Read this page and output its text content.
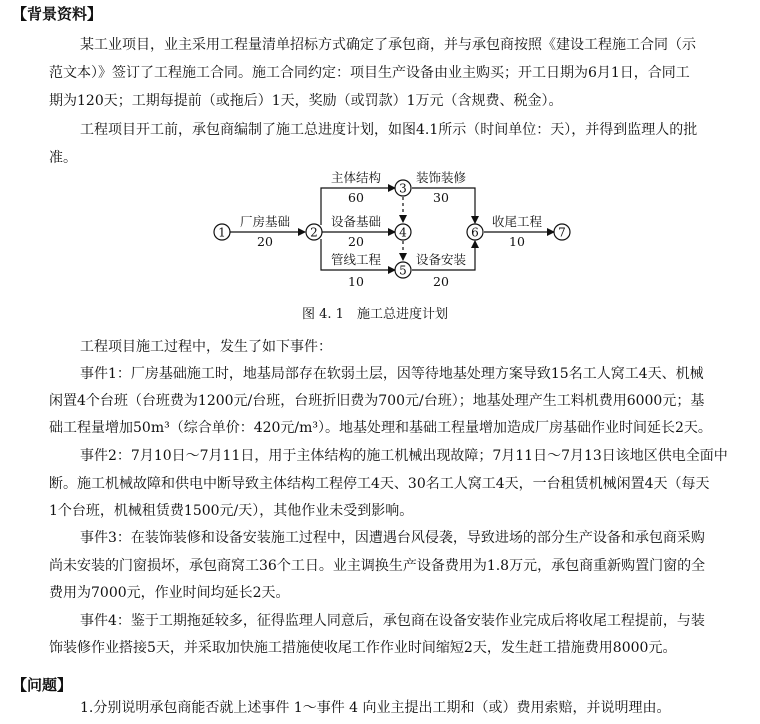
【背景资料】
某工业项目，业主采用工程量清单招标方式确定了承包商，并与承包商按照《建设工程施工合同（示
范文本）》签订了工程施工合同。施工合同约定：项目生产设备由业主购买；开工日期为6月1日，合同工
期为120天；工期每提前（或拖后）1天，奖励（或罚款）1万元（含规费、税金）。
工程项目开工前，承包商编制了施工总进度计划，如图4.1所示（时间单位：天），并得到监理人的批
准。
1	2
3
4
5
6	7
厂房基础
20
主体结构
60
设备基础
20
管线工程
10
装饰装修
30
设备安装
20
收尾工程
10
图 4. 1　施工总进度计划
工程项目施工过程中，发生了如下事件：
事件1：厂房基础施工时，地基局部存在软弱土层，因等待地基处理方案导致15名工人窝工4天、机械
闲置4个台班（台班费为1200元/台班，台班折旧费为700元/台班）；地基处理产生工料机费用6000元；基
础工程量增加50m³（综合单价：420元/m³）。地基处理和基础工程量增加造成厂房基础作业时间延长2天。
事件2：7月10日～7月11日，用于主体结构的施工机械出现故障；7月11日～7月13日该地区供电全面中
断。施工机械故障和供电中断导致主体结构工程停工4天、30名工人窝工4天，一台租赁机械闲置4天（每天
1个台班，机械租赁费1500元/天），其他作业未受到影响。
事件3：在装饰装修和设备安装施工过程中，因遭遇台风侵袭，导致进场的部分生产设备和承包商采购
尚未安装的门窗损坏，承包商窝工36个工日。业主调换生产设备费用为1.8万元，承包商重新购置门窗的全
费用为7000元，作业时间均延长2天。
事件4：鉴于工期拖延较多，征得监理人同意后，承包商在设备安装作业完成后将收尾工程提前，与装
饰装修作业搭接5天，并采取加快施工措施使收尾工作作业时间缩短2天，发生赶工措施费用8000元。
【问题】
1.分别说明承包商能否就上述事件 1～事件 4 向业主提出工期和（或）费用索赔，并说明理由。
